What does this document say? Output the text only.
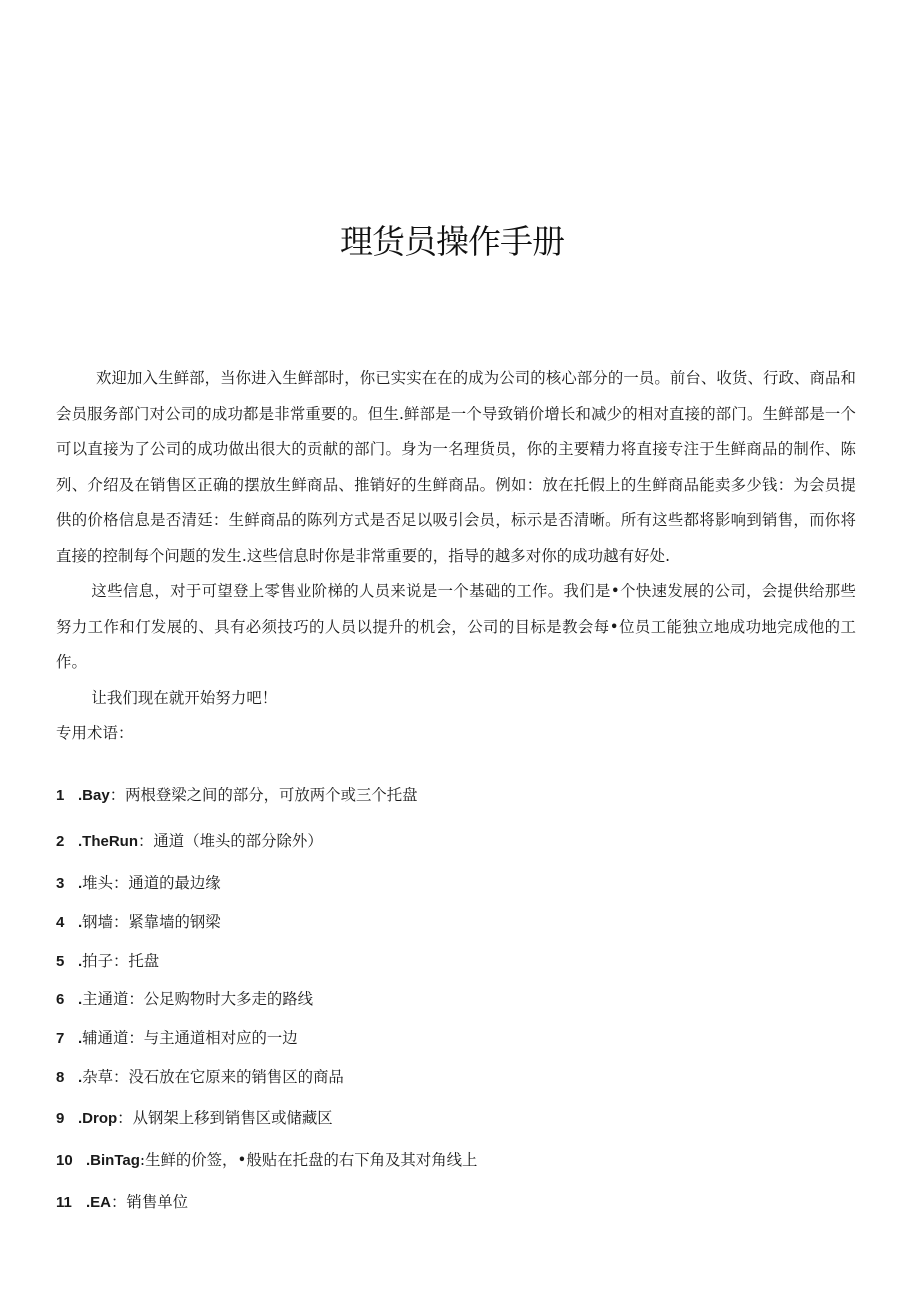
理货员操作手册

欢迎加入生鲜部，当你进入生鲜部时，你已实实在在的成为公司的核心部分的一员。前台、收货、行政、商品和会员服务部门对公司的成功都是非常重要的。但生.鲜部是一个导致销价增长和减少的相对直接的部门。生鲜部是一个可以直接为了公司的成功做出很大的贡献的部门。身为一名理货员，你的主要精力将直接专注于生鲜商品的制作、陈列、介绍及在销售区正确的摆放生鲜商品、推销好的生鲜商品。例如：放在托假上的生鲜商品能卖多少钱：为会员提供的价格信息是否清廷：生鲜商品的陈列方式是否足以吸引会员，标示是否清晰。所有这些都将影响到销售，而你将直接的控制每个问题的发生.这些信息时你是非常重要的，指导的越多对你的成功越有好处.

这些信息，对于可望登上零售业阶梯的人员来说是一个基础的工作。我们是•个快速发展的公司，会提供给那些努力工作和仃发展的、具有必须技巧的人员以提升的机会，公司的目标是教会每•位员工能独立地成功地完成他的工作。

让我们现在就开始努力吧！

专用术语：

1 .Bay：两根登梁之间的部分，可放两个或三个托盘
2 .TheRun：通道（堆头的部分除外）
3 .堆头：通道的最边缘
4 .钢墙：紧靠墙的钢梁
5 .拍子：托盘
6 .主通道：公足购物时大多走的路线
7 .辅通道：与主通道相对应的一边
8 .杂草：没石放在它原来的销售区的商品
9 .Drop：从钢架上移到销售区或储藏区
10 .BinTag:生鲜的价签，•般贴在托盘的右下角及其对角线上
11 .EA：销售单位
